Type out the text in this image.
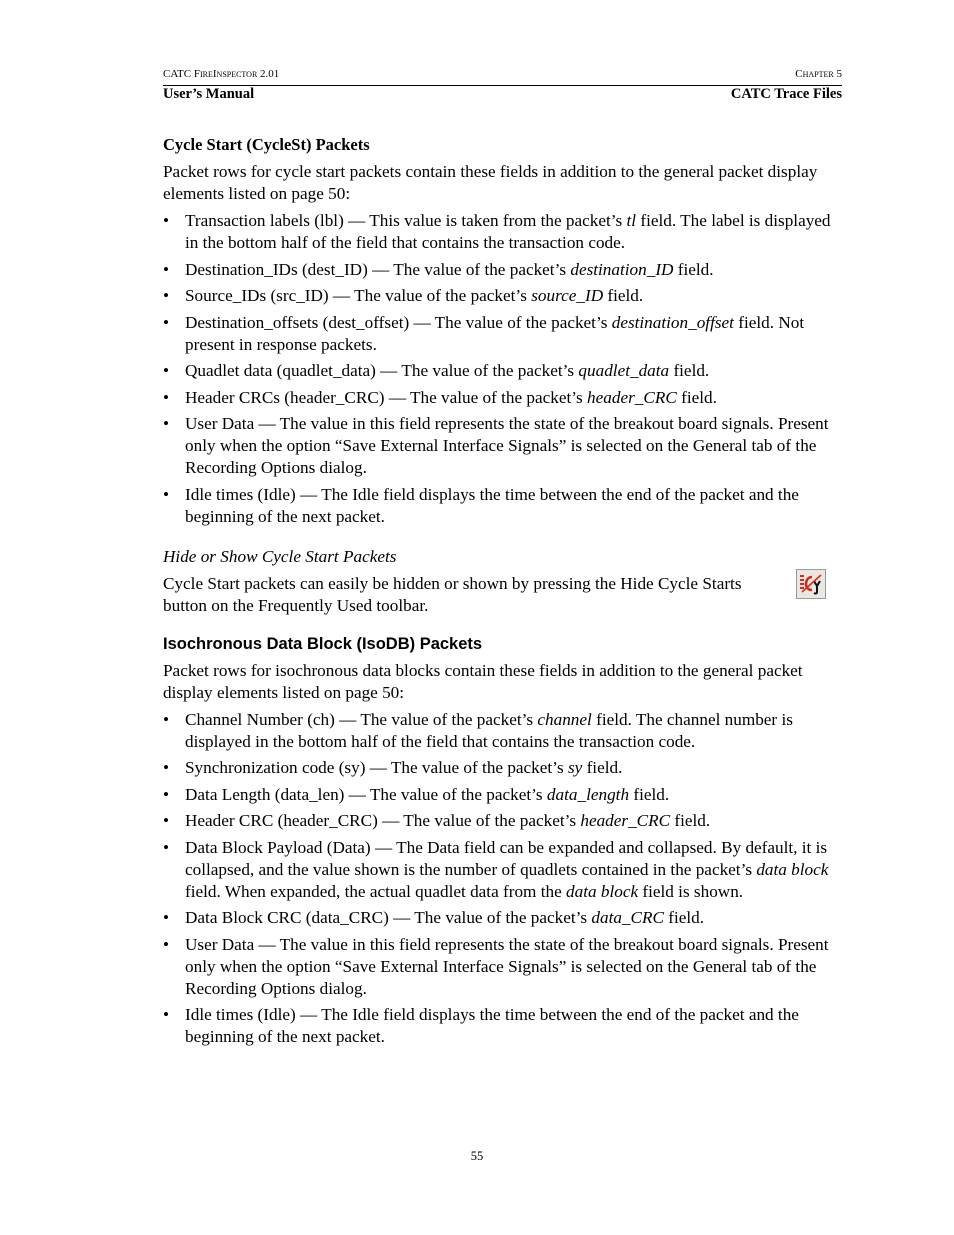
CATC FireInspector 2.01	Chapter 5
User’s Manual	CATC Trace Files
Cycle Start (CycleSt) Packets

Packet rows for cycle start packets contain these fields in addition to the general packet display elements listed on page 50:

• Transaction labels (lbl) — This value is taken from the packet’s tl field. The label is displayed in the bottom half of the field that contains the transaction code.
• Destination_IDs (dest_ID) — The value of the packet’s destination_ID field.
• Source_IDs (src_ID) — The value of the packet’s source_ID field.
• Destination_offsets (dest_offset) — The value of the packet’s destination_offset field. Not present in response packets.
• Quadlet data (quadlet_data) — The value of the packet’s quadlet_data field.
• Header CRCs (header_CRC) — The value of the packet’s header_CRC field.
• User Data — The value in this field represents the state of the breakout board signals. Present only when the option “Save External Interface Signals” is selected on the General tab of the Recording Options dialog.
• Idle times (Idle) — The Idle field displays the time between the end of the packet and the beginning of the next packet.
Hide or Show Cycle Start Packets

Cycle Start packets can easily be hidden or shown by pressing the Hide Cycle Starts button on the Frequently Used toolbar.

Isochronous Data Block (IsoDB) Packets

Packet rows for isochronous data blocks contain these fields in addition to the general packet display elements listed on page 50:

• Channel Number (ch) — The value of the packet’s channel field. The channel number is displayed in the bottom half of the field that contains the transaction code.
• Synchronization code (sy) — The value of the packet’s sy field.
• Data Length (data_len) — The value of the packet’s data_length field.
• Header CRC (header_CRC) — The value of the packet’s header_CRC field.
• Data Block Payload (Data) — The Data field can be expanded and collapsed. By default, it is collapsed, and the value shown is the number of quadlets contained in the packet’s data block field. When expanded, the actual quadlet data from the data block field is shown.
• Data Block CRC (data_CRC) — The value of the packet’s data_CRC field.
• User Data — The value in this field represents the state of the breakout board signals. Present only when the option “Save External Interface Signals” is selected on the General tab of the Recording Options dialog.
• Idle times (Idle) — The Idle field displays the time between the end of the packet and the beginning of the next packet.
55
